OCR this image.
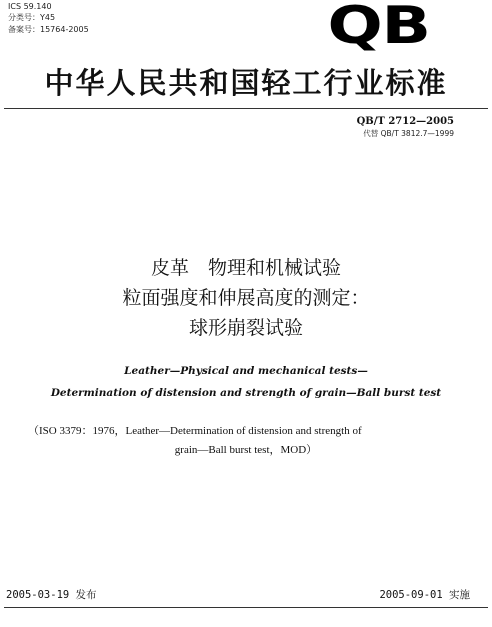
ICS 59.140
分类号：Y45
备案号：15764-2005	QB
中华人民共和国轻工行业标准
QB/T 2712—2005
代替 QB/T 3812.7—1999
皮革　物理和机械试验
粒面强度和伸展高度的测定：
球形崩裂试验
Leather—Physical and mechanical tests—
Determination of distension and strength of grain—Ball burst test
（ISO 3379：1976，Leather—Determination of distension and strength of
grain—Ball burst test，MOD）
2005-03-19 发布	2005-09-01 实施
